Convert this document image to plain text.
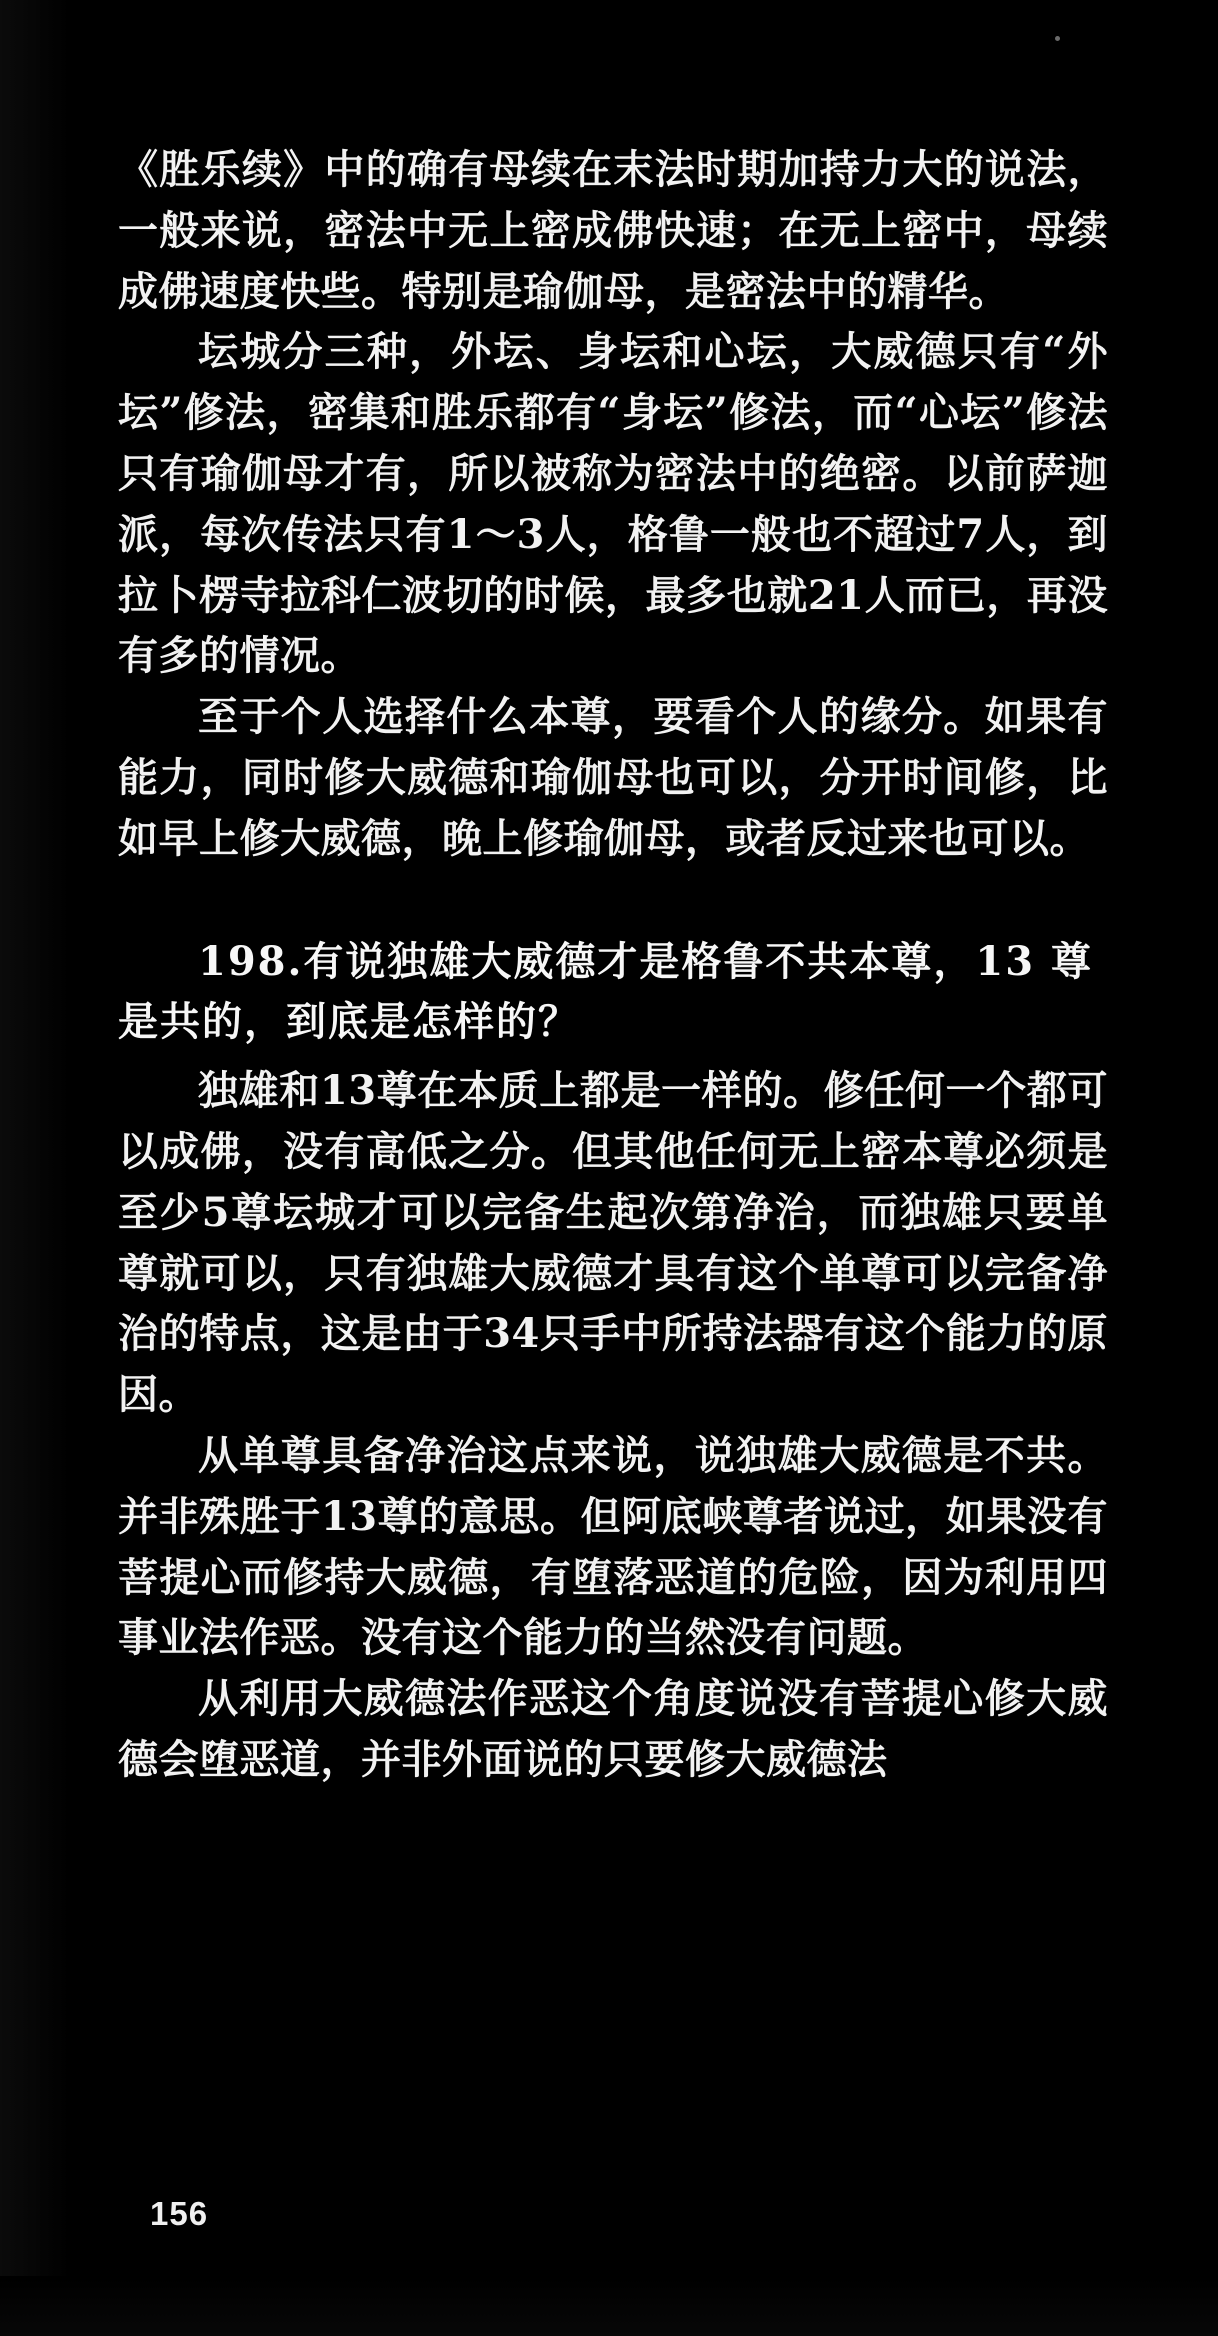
《胜乐续》中的确有母续在末法时期加持力大的说法，一般来说，密法中无上密成佛快速；在无上密中，母续成佛速度快些。特别是瑜伽母，是密法中的精华。

坛城分三种，外坛、身坛和心坛，大威德只有“外坛”修法，密集和胜乐都有“身坛”修法，而“心坛”修法只有瑜伽母才有，所以被称为密法中的绝密。以前萨迦派，每次传法只有1～3人，格鲁一般也不超过7人，到拉卜楞寺拉科仁波切的时候，最多也就21人而已，再没有多的情况。

至于个人选择什么本尊，要看个人的缘分。如果有能力，同时修大威德和瑜伽母也可以，分开时间修，比如早上修大威德，晚上修瑜伽母，或者反过来也可以。

198.有说独雄大威德才是格鲁不共本尊，13 尊是共的，到底是怎样的？

独雄和13尊在本质上都是一样的。修任何一个都可以成佛，没有高低之分。但其他任何无上密本尊必须是至少5尊坛城才可以完备生起次第净治，而独雄只要单尊就可以，只有独雄大威德才具有这个单尊可以完备净治的特点，这是由于34只手中所持法器有这个能力的原因。

从单尊具备净治这点来说，说独雄大威德是不共。并非殊胜于13尊的意思。但阿底峡尊者说过，如果没有菩提心而修持大威德，有堕落恶道的危险，因为利用四事业法作恶。没有这个能力的当然没有问题。

从利用大威德法作恶这个角度说没有菩提心修大威德会堕恶道，并非外面说的只要修大威德法

156
